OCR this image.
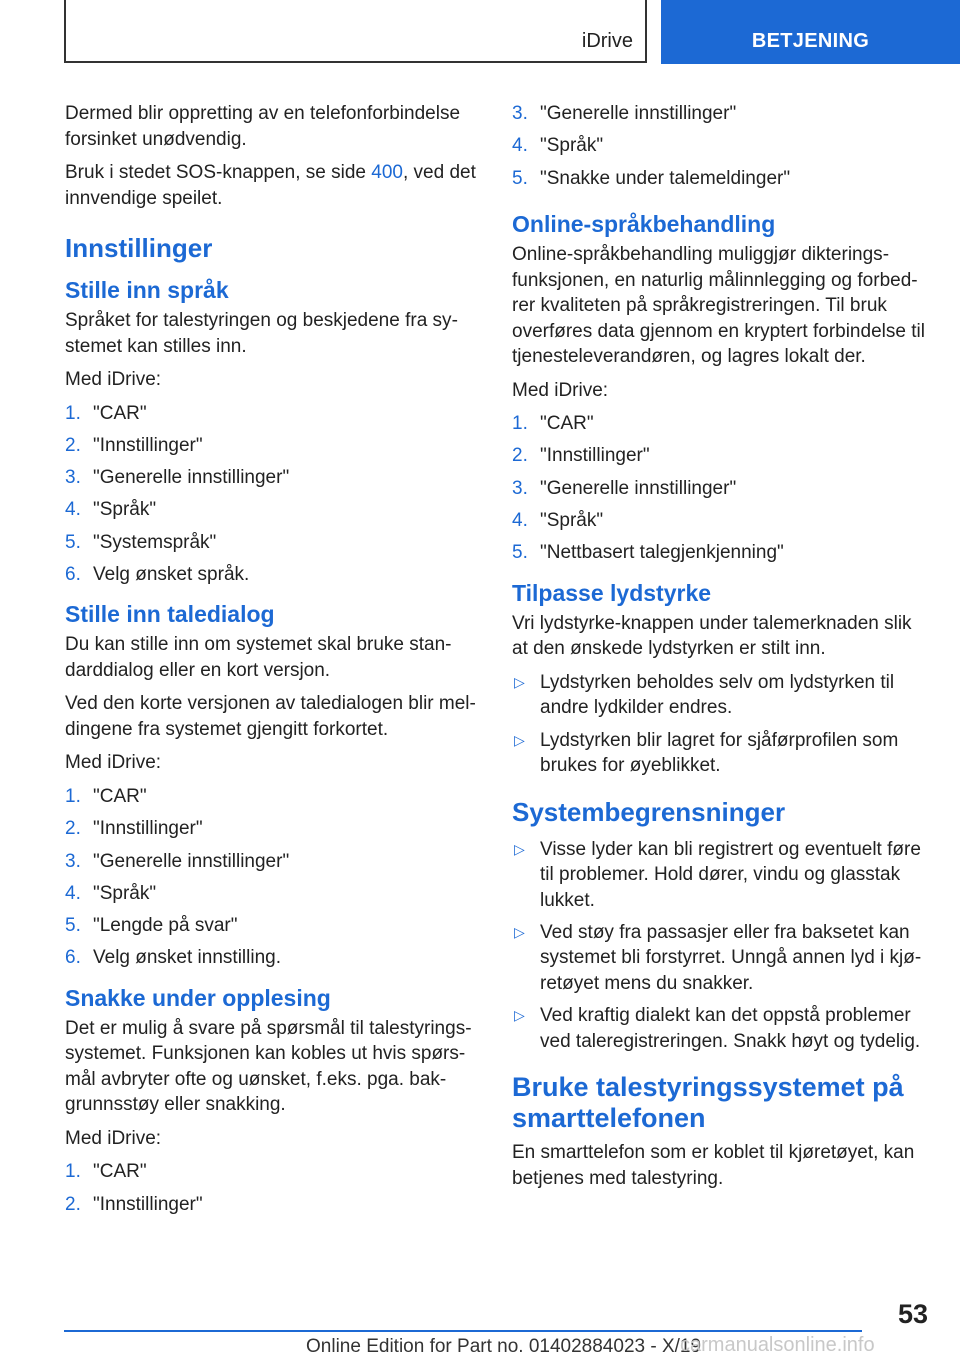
iDrive	BETJENING

Dermed blir oppretting av en telefonforbindelse forsinket unødvendig.

Bruk i stedet SOS-knappen, se side 400, ved det innvendige speilet.

Innstillinger
Stille inn språk

Språket for talestyringen og beskjedene fra systemet kan stilles inn.

Med iDrive:

1. "CAR"
2. "Innstillinger"
3. "Generelle innstillinger"
4. "Språk"
5. "Systemspråk"
6. Velg ønsket språk.
Stille inn taledialog

Du kan stille inn om systemet skal bruke standarddialog eller en kort versjon.

Ved den korte versjonen av taledialogen blir meldingene fra systemet gjengitt forkortet.

Med iDrive:

1. "CAR"
2. "Innstillinger"
3. "Generelle innstillinger"
4. "Språk"
5. "Lengde på svar"
6. Velg ønsket innstilling.
Snakke under opplesing

Det er mulig å svare på spørsmål til talestyringssystemet. Funksjonen kan kobles ut hvis spørsmål avbryter ofte og uønsket, f.eks. pga. bakgrunnsstøy eller snakking.

Med iDrive:

1. "CAR"
2. "Innstillinger"
3. "Generelle innstillinger"
4. "Språk"
5. "Snakke under talemeldinger"
Online-språkbehandling

Online-språkbehandling muliggjør dikteringsfunksjonen, en naturlig målinnlegging og forbedrer kvaliteten på språkregistreringen. Til bruk overføres data gjennom en kryptert forbindelse til tjenesteleverandøren, og lagres lokalt der.

Med iDrive:

1. "CAR"
2. "Innstillinger"
3. "Generelle innstillinger"
4. "Språk"
5. "Nettbasert talegjenkjenning"
Tilpasse lydstyrke

Vri lydstyrke-knappen under talemerknaden slik at den ønskede lydstyrken er stilt inn.

▷ Lydstyrken beholdes selv om lydstyrken til andre lydkilder endres.
▷ Lydstyrken blir lagret for sjåførprofilen som brukes for øyeblikket.
Systembegrensninger
▷ Visse lyder kan bli registrert og eventuelt føre til problemer. Hold dører, vindu og glasstak lukket.
▷ Ved støy fra passasjer eller fra baksetet kan systemet bli forstyrret. Unngå annen lyd i kjøretøyet mens du snakker.
▷ Ved kraftig dialekt kan det oppstå problemer ved taleregistreringen. Snakk høyt og tydelig.
Bruke talestyringssystemet på smarttelefonen

En smarttelefon som er koblet til kjøretøyet, kan betjenes med talestyring.

53
Online Edition for Part no. 01402884023 - X/19
carmanualsonline.info
